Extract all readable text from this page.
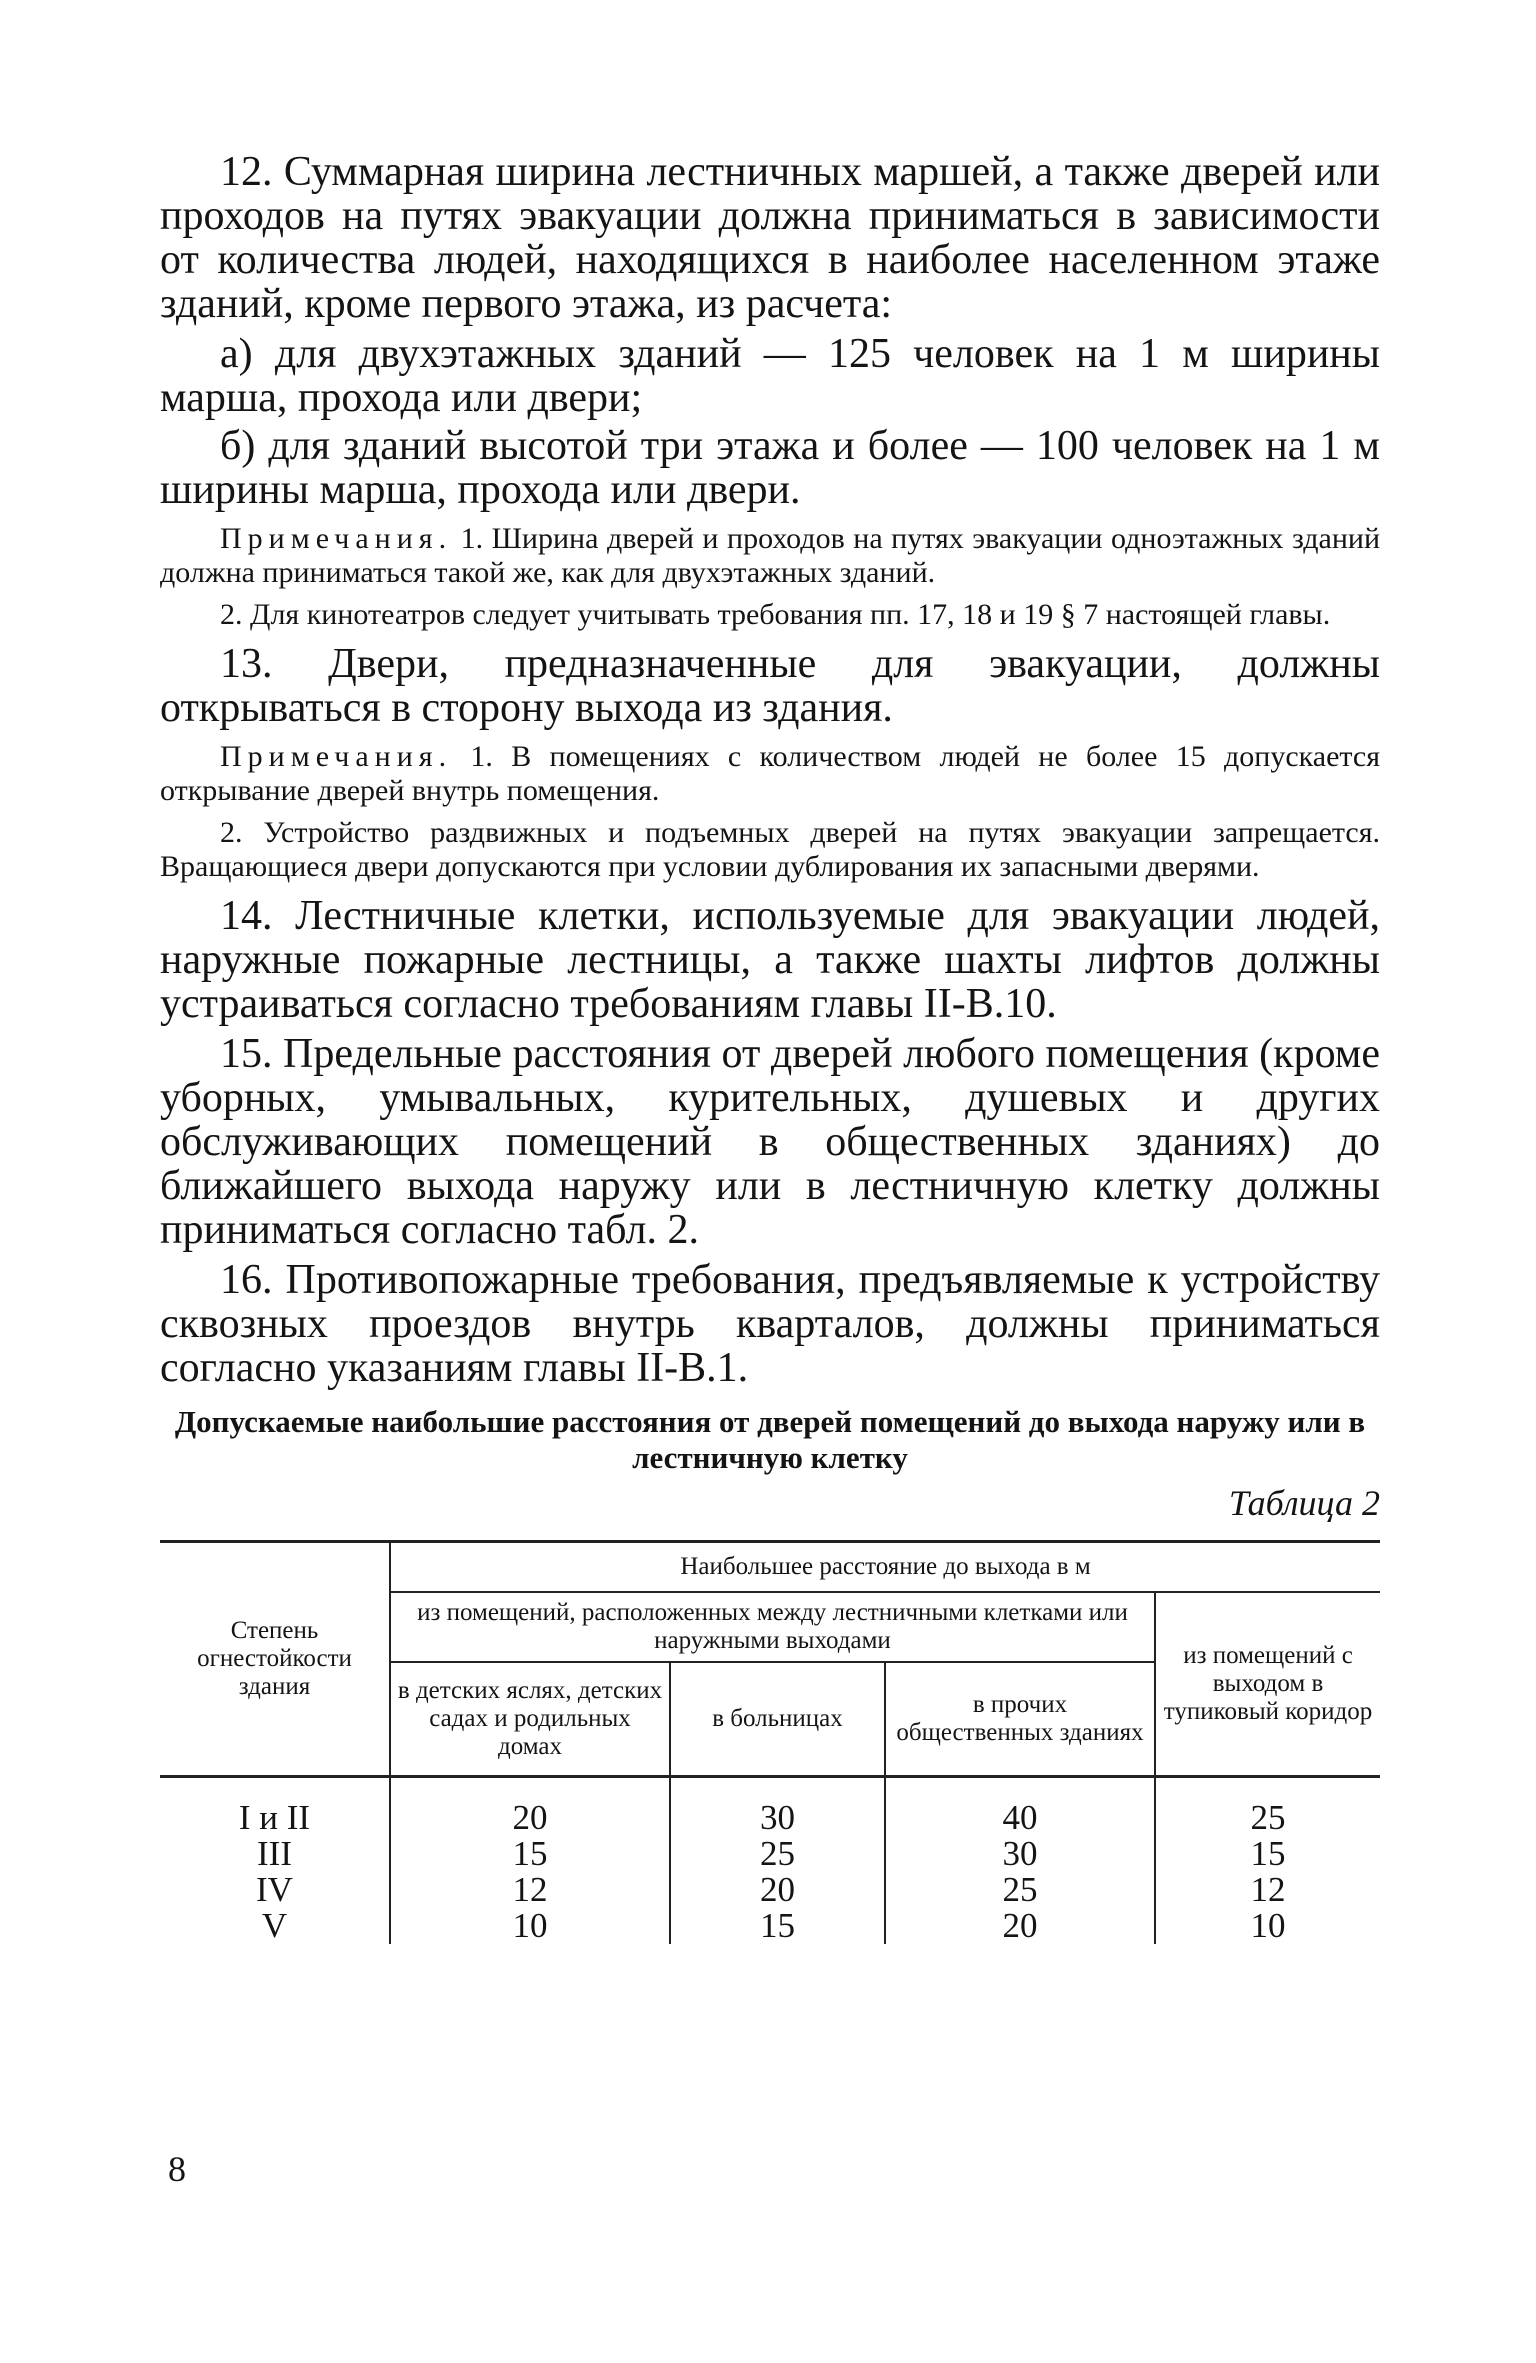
12. Суммарная ширина лестничных маршей, а также дверей или проходов на путях эвакуации должна приниматься в зависимости от количества людей, находящихся в наиболее населенном этаже зданий, кроме первого этажа, из расчета:

а) для двухэтажных зданий — 125 человек на 1 м ширины марша, прохода или двери;

б) для зданий высотой три этажа и более — 100 человек на 1 м ширины марша, прохода или двери.

Примечания. 1. Ширина дверей и проходов на путях эвакуации одноэтажных зданий должна приниматься такой же, как для двухэтажных зданий.

2. Для кинотеатров следует учитывать требования пп. 17, 18 и 19 § 7 настоящей главы.

13. Двери, предназначенные для эвакуации, должны открываться в сторону выхода из здания.

Примечания. 1. В помещениях с количеством людей не более 15 допускается открывание дверей внутрь помещения.

2. Устройство раздвижных и подъемных дверей на путях эвакуации запрещается. Вращающиеся двери допускаются при условии дублирования их запасными дверями.

14. Лестничные клетки, используемые для эвакуации людей, наружные пожарные лестницы, а также шахты лифтов должны устраиваться согласно требованиям главы II-В.10.

15. Предельные расстояния от дверей любого помещения (кроме уборных, умывальных, курительных, душевых и других обслуживающих помещений в общественных зданиях) до ближайшего выхода наружу или в лестничную клетку должны приниматься согласно табл. 2.

16. Противопожарные требования, предъявляемые к устройству сквозных проездов внутрь кварталов, должны приниматься согласно указаниям главы II-В.1.

Допускаемые наибольшие расстояния от дверей помещений до выхода наружу или в лестничную клетку
Таблица 2
Степень огнестойкости здания	Наибольшее расстояние до выхода в м			
	из помещений, расположенных между лестничными клетками или наружными выходами			из помещений с выходом в тупиковый коридор
	в детских яслях, детских садах и родильных домах	в больницах	в прочих общественных зданиях	
I и II	20	30	40	25
III	15	25	30	15
IV	12	20	25	12
V	10	15	20	10
8
